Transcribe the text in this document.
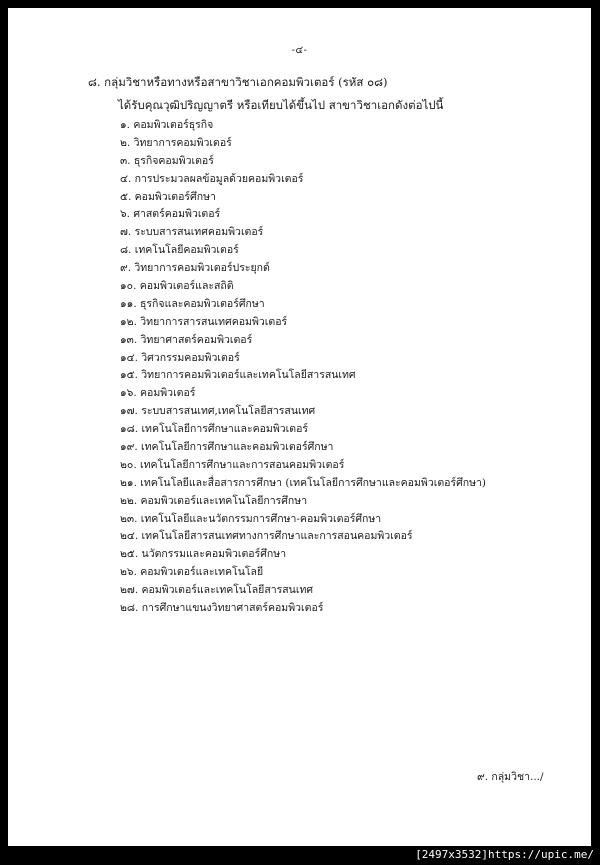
-๔-
๘. กลุ่มวิชาหรือทางหรือสาขาวิชาเอกคอมพิวเตอร์ (รหัส ๐๘)
ได้รับคุณวุฒิปริญญาตรี หรือเทียบได้ขึ้นไป สาขาวิชาเอกดังต่อไปนี้
๑. คอมพิวเตอร์ธุรกิจ
๒. วิทยาการคอมพิวเตอร์
๓. ธุรกิจคอมพิวเตอร์
๔. การประมวลผลข้อมูลด้วยคอมพิวเตอร์
๕. คอมพิวเตอร์ศึกษา
๖. ศาสตร์คอมพิวเตอร์
๗. ระบบสารสนเทศคอมพิวเตอร์
๘. เทคโนโลยีคอมพิวเตอร์
๙. วิทยาการคอมพิวเตอร์ประยุกต์
๑๐. คอมพิวเตอร์และสถิติ
๑๑. ธุรกิจและคอมพิวเตอร์ศึกษา
๑๒. วิทยาการสารสนเทศคอมพิวเตอร์
๑๓. วิทยาศาสตร์คอมพิวเตอร์
๑๔. วิศวกรรมคอมพิวเตอร์
๑๕. วิทยาการคอมพิวเตอร์และเทคโนโลยีสารสนเทศ
๑๖. คอมพิวเตอร์
๑๗. ระบบสารสนเทศ,เทคโนโลยีสารสนเทศ
๑๘. เทคโนโลยีการศึกษาและคอมพิวเตอร์
๑๙. เทคโนโลยีการศึกษาและคอมพิวเตอร์ศึกษา
๒๐. เทคโนโลยีการศึกษาและการสอนคอมพิวเตอร์
๒๑. เทคโนโลยีและสื่อสารการศึกษา (เทคโนโลยีการศึกษาและคอมพิวเตอร์ศึกษา)
๒๒. คอมพิวเตอร์และเทคโนโลยีการศึกษา
๒๓. เทคโนโลยีและนวัตกรรมการศึกษา-คอมพิวเตอร์ศึกษา
๒๔. เทคโนโลยีสารสนเทศทางการศึกษาและการสอนคอมพิวเตอร์
๒๕. นวัตกรรมและคอมพิวเตอร์ศึกษา
๒๖. คอมพิวเตอร์และเทคโนโลยี
๒๗. คอมพิวเตอร์และเทคโนโลยีสารสนเทศ
๒๘. การศึกษาแขนงวิทยาศาสตร์คอมพิวเตอร์
๙. กลุ่มวิชา.../
[2497x3532]https://upic.me/
